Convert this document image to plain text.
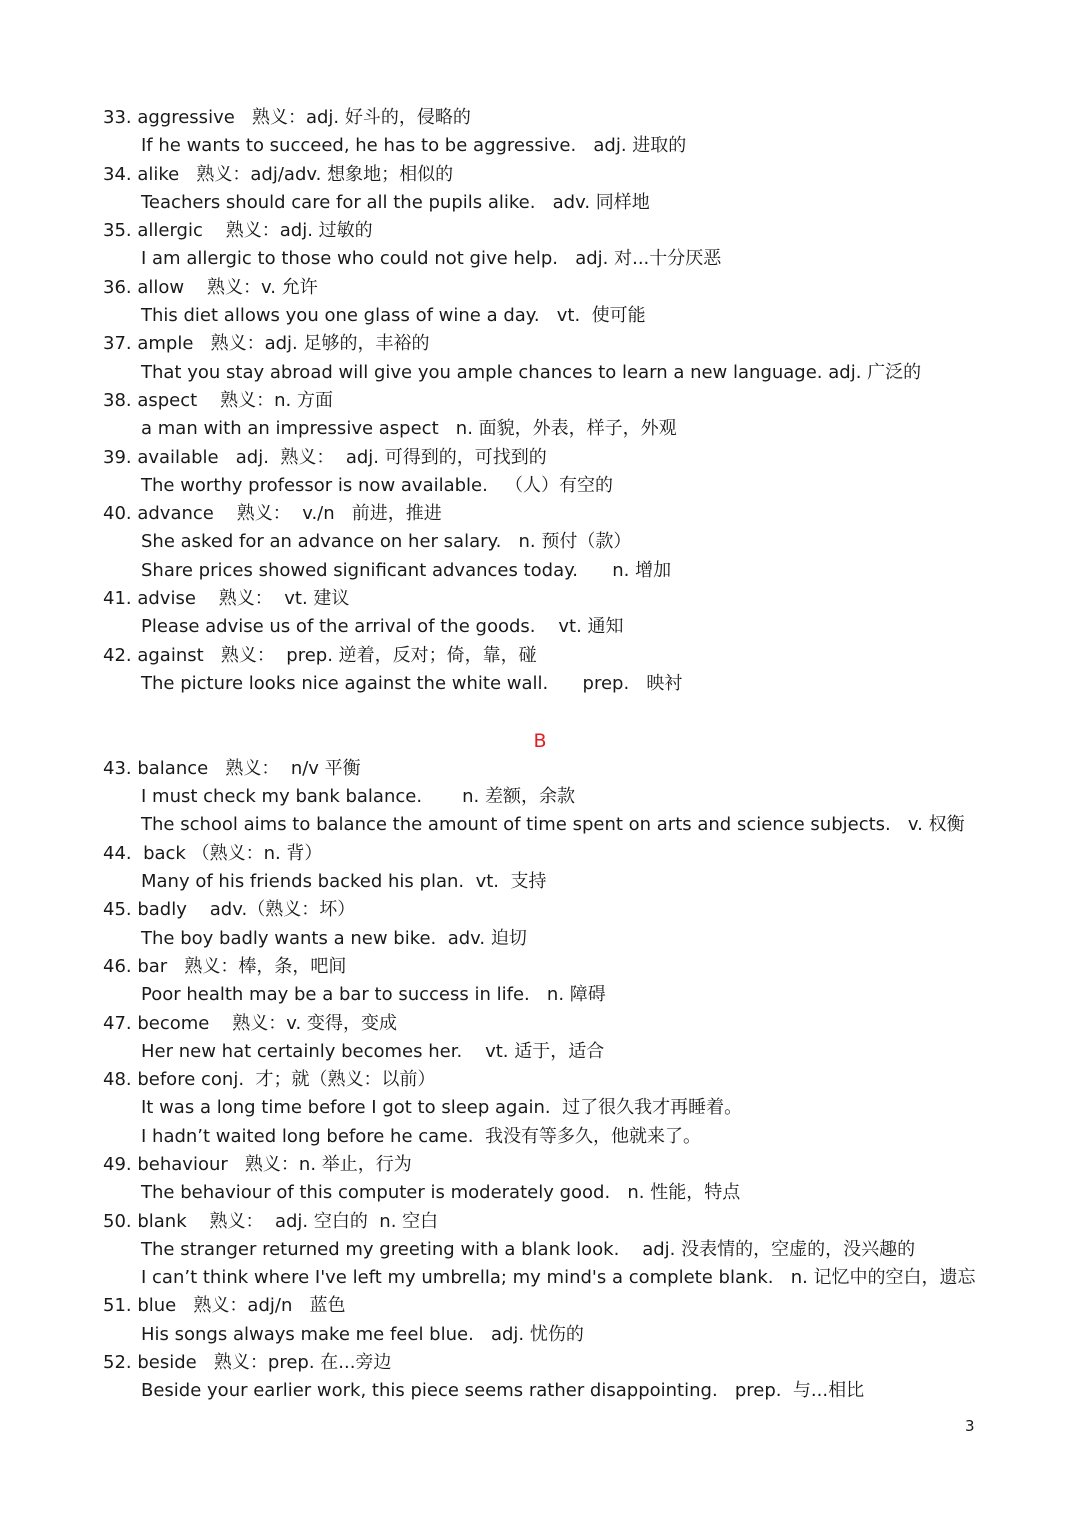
33. aggressive   熟义：adj. 好斗的，侵略的
If he wants to succeed, he has to be aggressive.   adj. 进取的
34. alike   熟义：adj/adv. 想象地；相似的
Teachers should care for all the pupils alike.   adv. 同样地
35. allergic    熟义：adj. 过敏的
I am allergic to those who could not give help.   adj. 对...十分厌恶
36. allow    熟义：v. 允许
This diet allows you one glass of wine a day.   vt.  使可能
37. ample   熟义：adj. 足够的，丰裕的
That you stay abroad will give you ample chances to learn a new language. adj. 广泛的
38. aspect    熟义：n. 方面
a man with an impressive aspect   n. 面貌，外表，样子，外观
39. available   adj.  熟义：  adj. 可得到的，可找到的
The worthy professor is now available.   （人）有空的
40. advance    熟义：  v./n   前进，推进
She asked for an advance on her salary.   n. 预付（款）
Share prices showed significant advances today.      n. 增加
41. advise    熟义：  vt. 建议
Please advise us of the arrival of the goods.    vt. 通知
42. against   熟义：  prep. 逆着，反对；倚，靠，碰
The picture looks nice against the white wall.      prep.   映衬
B
43. balance   熟义：  n/v 平衡
I must check my bank balance.       n. 差额，余款
The school aims to balance the amount of time spent on arts and science subjects.   v. 权衡
44.  back （熟义：n. 背）
Many of his friends backed his plan.  vt.  支持
45. badly    adv.（熟义：坏）
The boy badly wants a new bike.  adv. 迫切
46. bar   熟义：棒，条，吧间
Poor health may be a bar to success in life.   n. 障碍
47. become    熟义：v. 变得，变成
Her new hat certainly becomes her.    vt. 适于，适合
48. before conj.  才；就（熟义：以前）
It was a long time before I got to sleep again.  过了很久我才再睡着。
I hadn’t waited long before he came.  我没有等多久，他就来了。
49. behaviour   熟义：n. 举止，行为
The behaviour of this computer is moderately good.   n. 性能，特点
50. blank    熟义：  adj. 空白的  n. 空白
The stranger returned my greeting with a blank look.    adj. 没表情的，空虚的，没兴趣的
I can’t think where I've left my umbrella; my mind's a complete blank.   n. 记忆中的空白，遗忘
51. blue   熟义：adj/n   蓝色
His songs always make me feel blue.   adj. 忧伤的
52. beside   熟义：prep. 在...旁边
Beside your earlier work, this piece seems rather disappointing.   prep.  与...相比
3
